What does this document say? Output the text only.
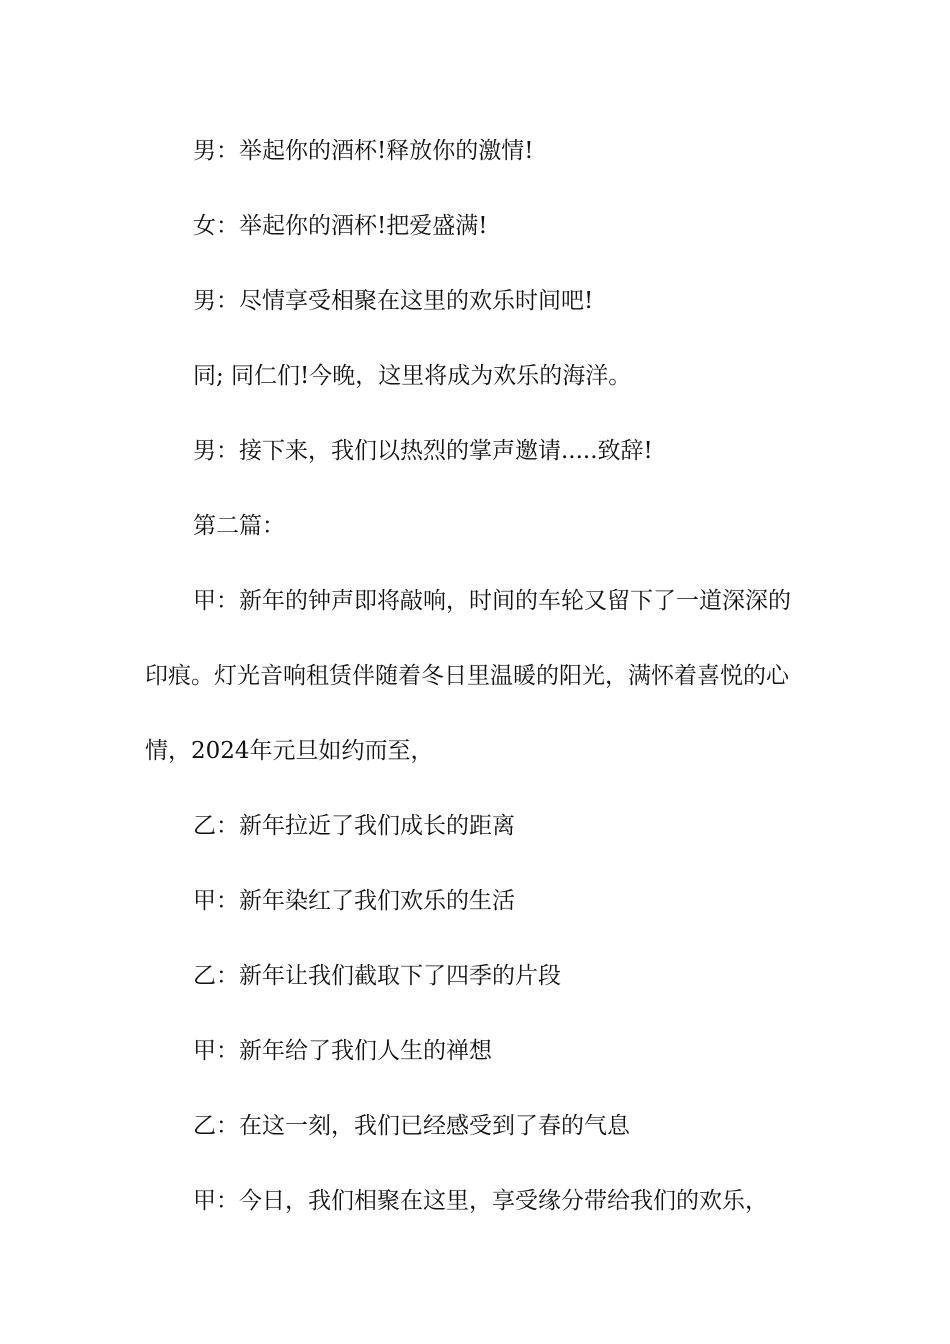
男：举起你的酒杯!释放你的激情!

女：举起你的酒杯!把爱盛满!

男：尽情享受相聚在这里的欢乐时间吧!

同; 同仁们!今晚，这里将成为欢乐的海洋。

男：接下来，我们以热烈的掌声邀请.....致辞!

第二篇：

甲：新年的钟声即将敲响，时间的车轮又留下了一道深深的印痕。灯光音响租赁伴随着冬日里温暖的阳光，满怀着喜悦的心情，2024年元旦如约而至，

乙：新年拉近了我们成长的距离

甲：新年染红了我们欢乐的生活

乙：新年让我们截取下了四季的片段

甲：新年给了我们人生的禅想

乙：在这一刻，我们已经感受到了春的气息

甲：今日，我们相聚在这里，享受缘分带给我们的欢乐，
